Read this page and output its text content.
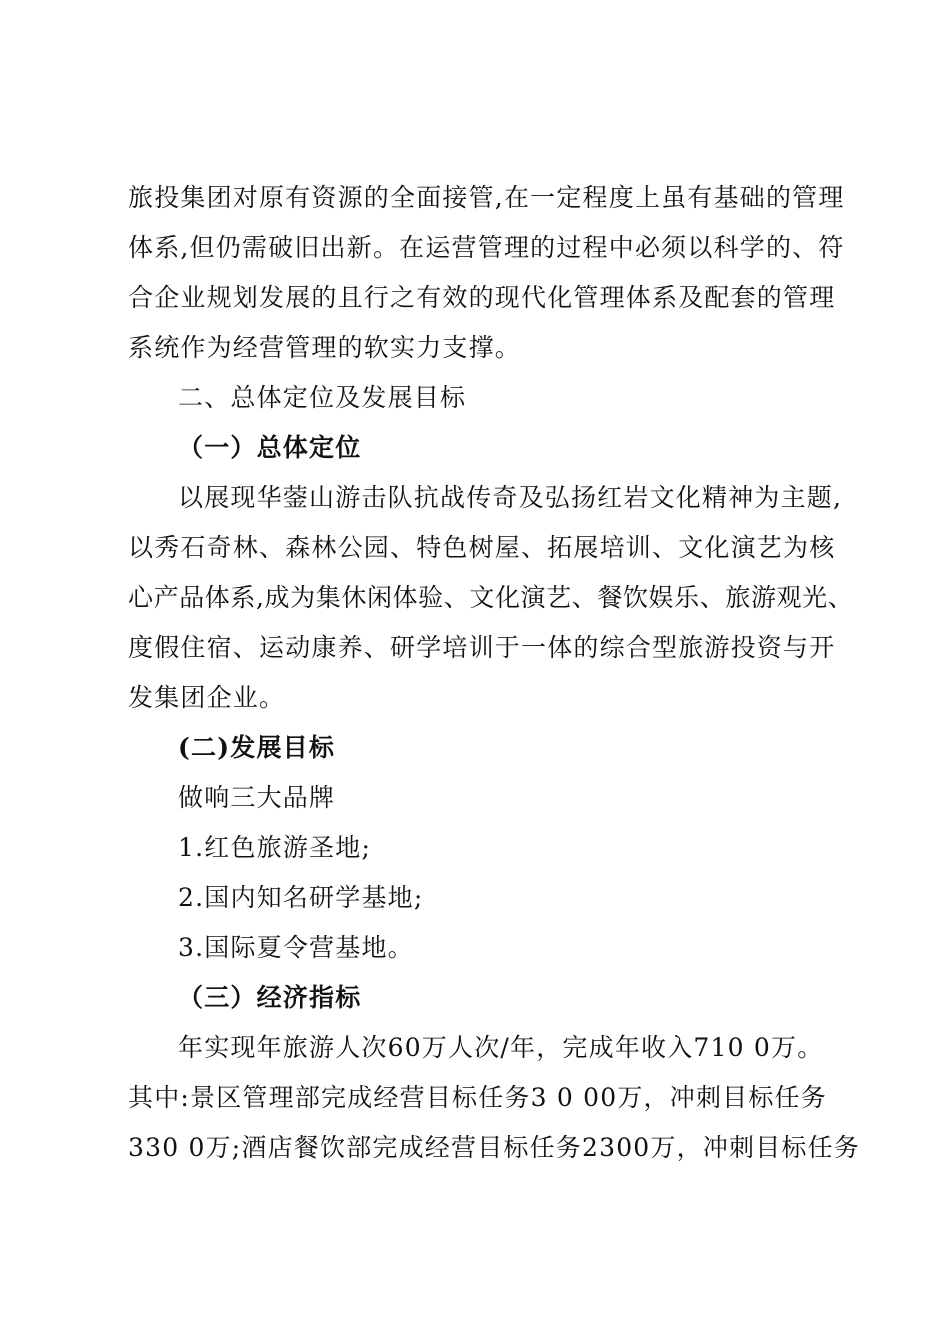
旅投集团对原有资源的全面接管,在一定程度上虽有基础的管理
体系,但仍需破旧出新。在运营管理的过程中必须以科学的、符
合企业规划发展的且行之有效的现代化管理体系及配套的管理
系统作为经营管理的软实力支撑。
二、总体定位及发展目标
（一）总体定位
以展现华蓥山游击队抗战传奇及弘扬红岩文化精神为主题,
以秀石奇林、森林公园、特色树屋、拓展培训、文化演艺为核
心产品体系,成为集休闲体验、文化演艺、餐饮娱乐、旅游观光、
度假住宿、运动康养、研学培训于一体的综合型旅游投资与开
发集团企业。
(二)发展目标
做响三大品牌
1.红色旅游圣地;
2.国内知名研学基地;
3.国际夏令营基地。
（三）经济指标
年实现年旅游人次60万人次/年，完成年收入710 0万。
其中:景区管理部完成经营目标任务3 0 00万，冲刺目标任务
330 0万;酒店餐饮部完成经营目标任务2300万，冲刺目标任务
